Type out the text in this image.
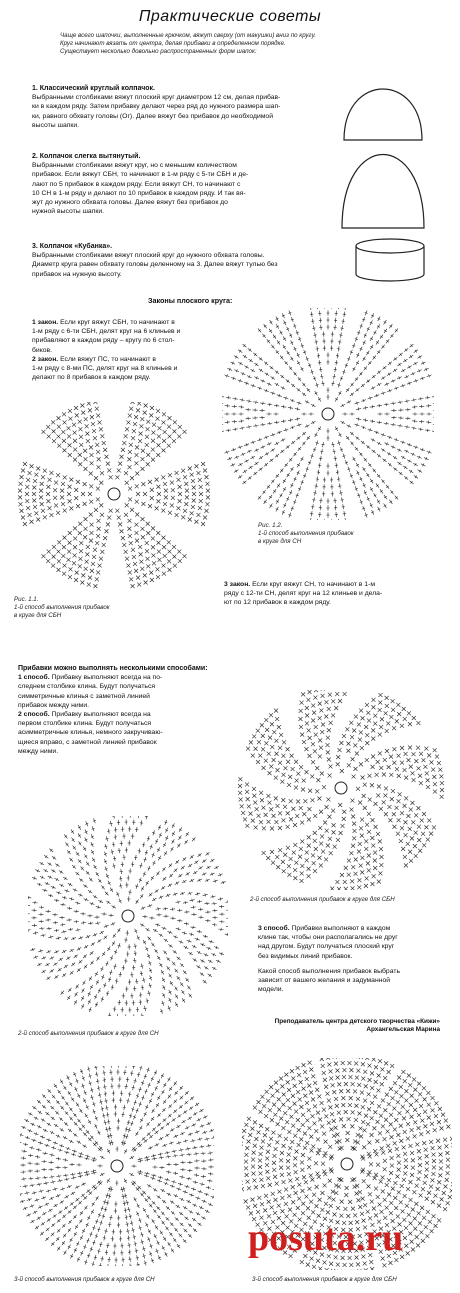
Практические советы
Чаще всего шапочки, выполненные крючком, вяжут сверху (от макушки) вниз по кругу.
Круг начинают вязать от центра, делая прибавки в определенном порядке.
Существует несколько довольно распространенных форм шапок:
1. Классический круглый колпачок.
Выбранными столбиками вяжут плоский круг диаметром 12 см, делая прибав-
ки в каждом ряду. Затем прибавку делают через ряд до нужного размера шап-
ки, равного обхвату головы (Ог). Далее вяжут без прибавок до необходимой
высоты шапки.
2. Колпачок слегка вытянутый.
Выбранными столбиками вяжут круг, но с меньшим количеством
прибавок. Если вяжут СБН, то начинают в 1-м ряду с 5-ти СБН и де-
лают по 5 прибавок в каждом ряду. Если вяжут СН, то начинают с
10 СН в 1-м ряду и делают по 10 прибавок в каждом ряду. И так вя-
жут до нужного обхвата головы. Далее вяжут без прибавок до
нужной высоты шапки.
3. Колпачок «Кубанка».
Выбранными столбиками вяжут плоский круг до нужного обхвата головы.
Диаметр круга равен обхвату головы деленному на 3. Далее вяжут тулью без
прибавок на нужную высоту.
Законы плоского круга:
1 закон. Если круг вяжут СБН, то начинают в
1-м ряду с 6-ти СБН, делят круг на 6 клиньев и
прибавляют в каждом ряду – кругу по 6 стол-
биков.
2 закон. Если вяжут ПС, то начинают в
1-м ряду с 8-ми ПС, делят круг на 8 клиньев и
делают по 8 прибавок в каждом ряду.
Рис. 1.2.
1-й способ выполнения прибавок
в круге для СН
Рис. 1.1.
1-й способ выполнения прибавок
в круге для СБН
3 закон. Если круг вяжут СН, то начинают в 1-м
ряду с 12-ти СН, делят круг на 12 клиньев и дела-
ют по 12 прибавок в каждом ряду.
Прибавки можно выполнять несколькими способами:
1 способ. Прибавку выполняют всегда на по-
следнем столбике клина. Будут получаться
симметричные клинья с заметной линией
прибавок между ними.
2 способ. Прибавку выполняют всегда на
первом столбике клина. Будут получаться
асимметричные клинья, немного закручиваю-
щиеся вправо, с заметной линией прибавок
между ними.
2-й способ выполнения прибавок в круге для СБН
2-й способ выполнения прибавок в круге для СН
3 способ. Прибавки выполняют в каждом
клине так, чтобы они располагались не друг
над другом. Будут получаться плоский круг
без видимых линий прибавок.
Какой способ выполнения прибавок выбрать
зависит от вашего желания и задуманной
модели.
Преподаватель центра детского творчества «Кижи»
Архангельская Марина
3-й способ выполнения прибавок в круге для СН	3-й способ выполнения прибавок в круге для СБН
posuta.ru
